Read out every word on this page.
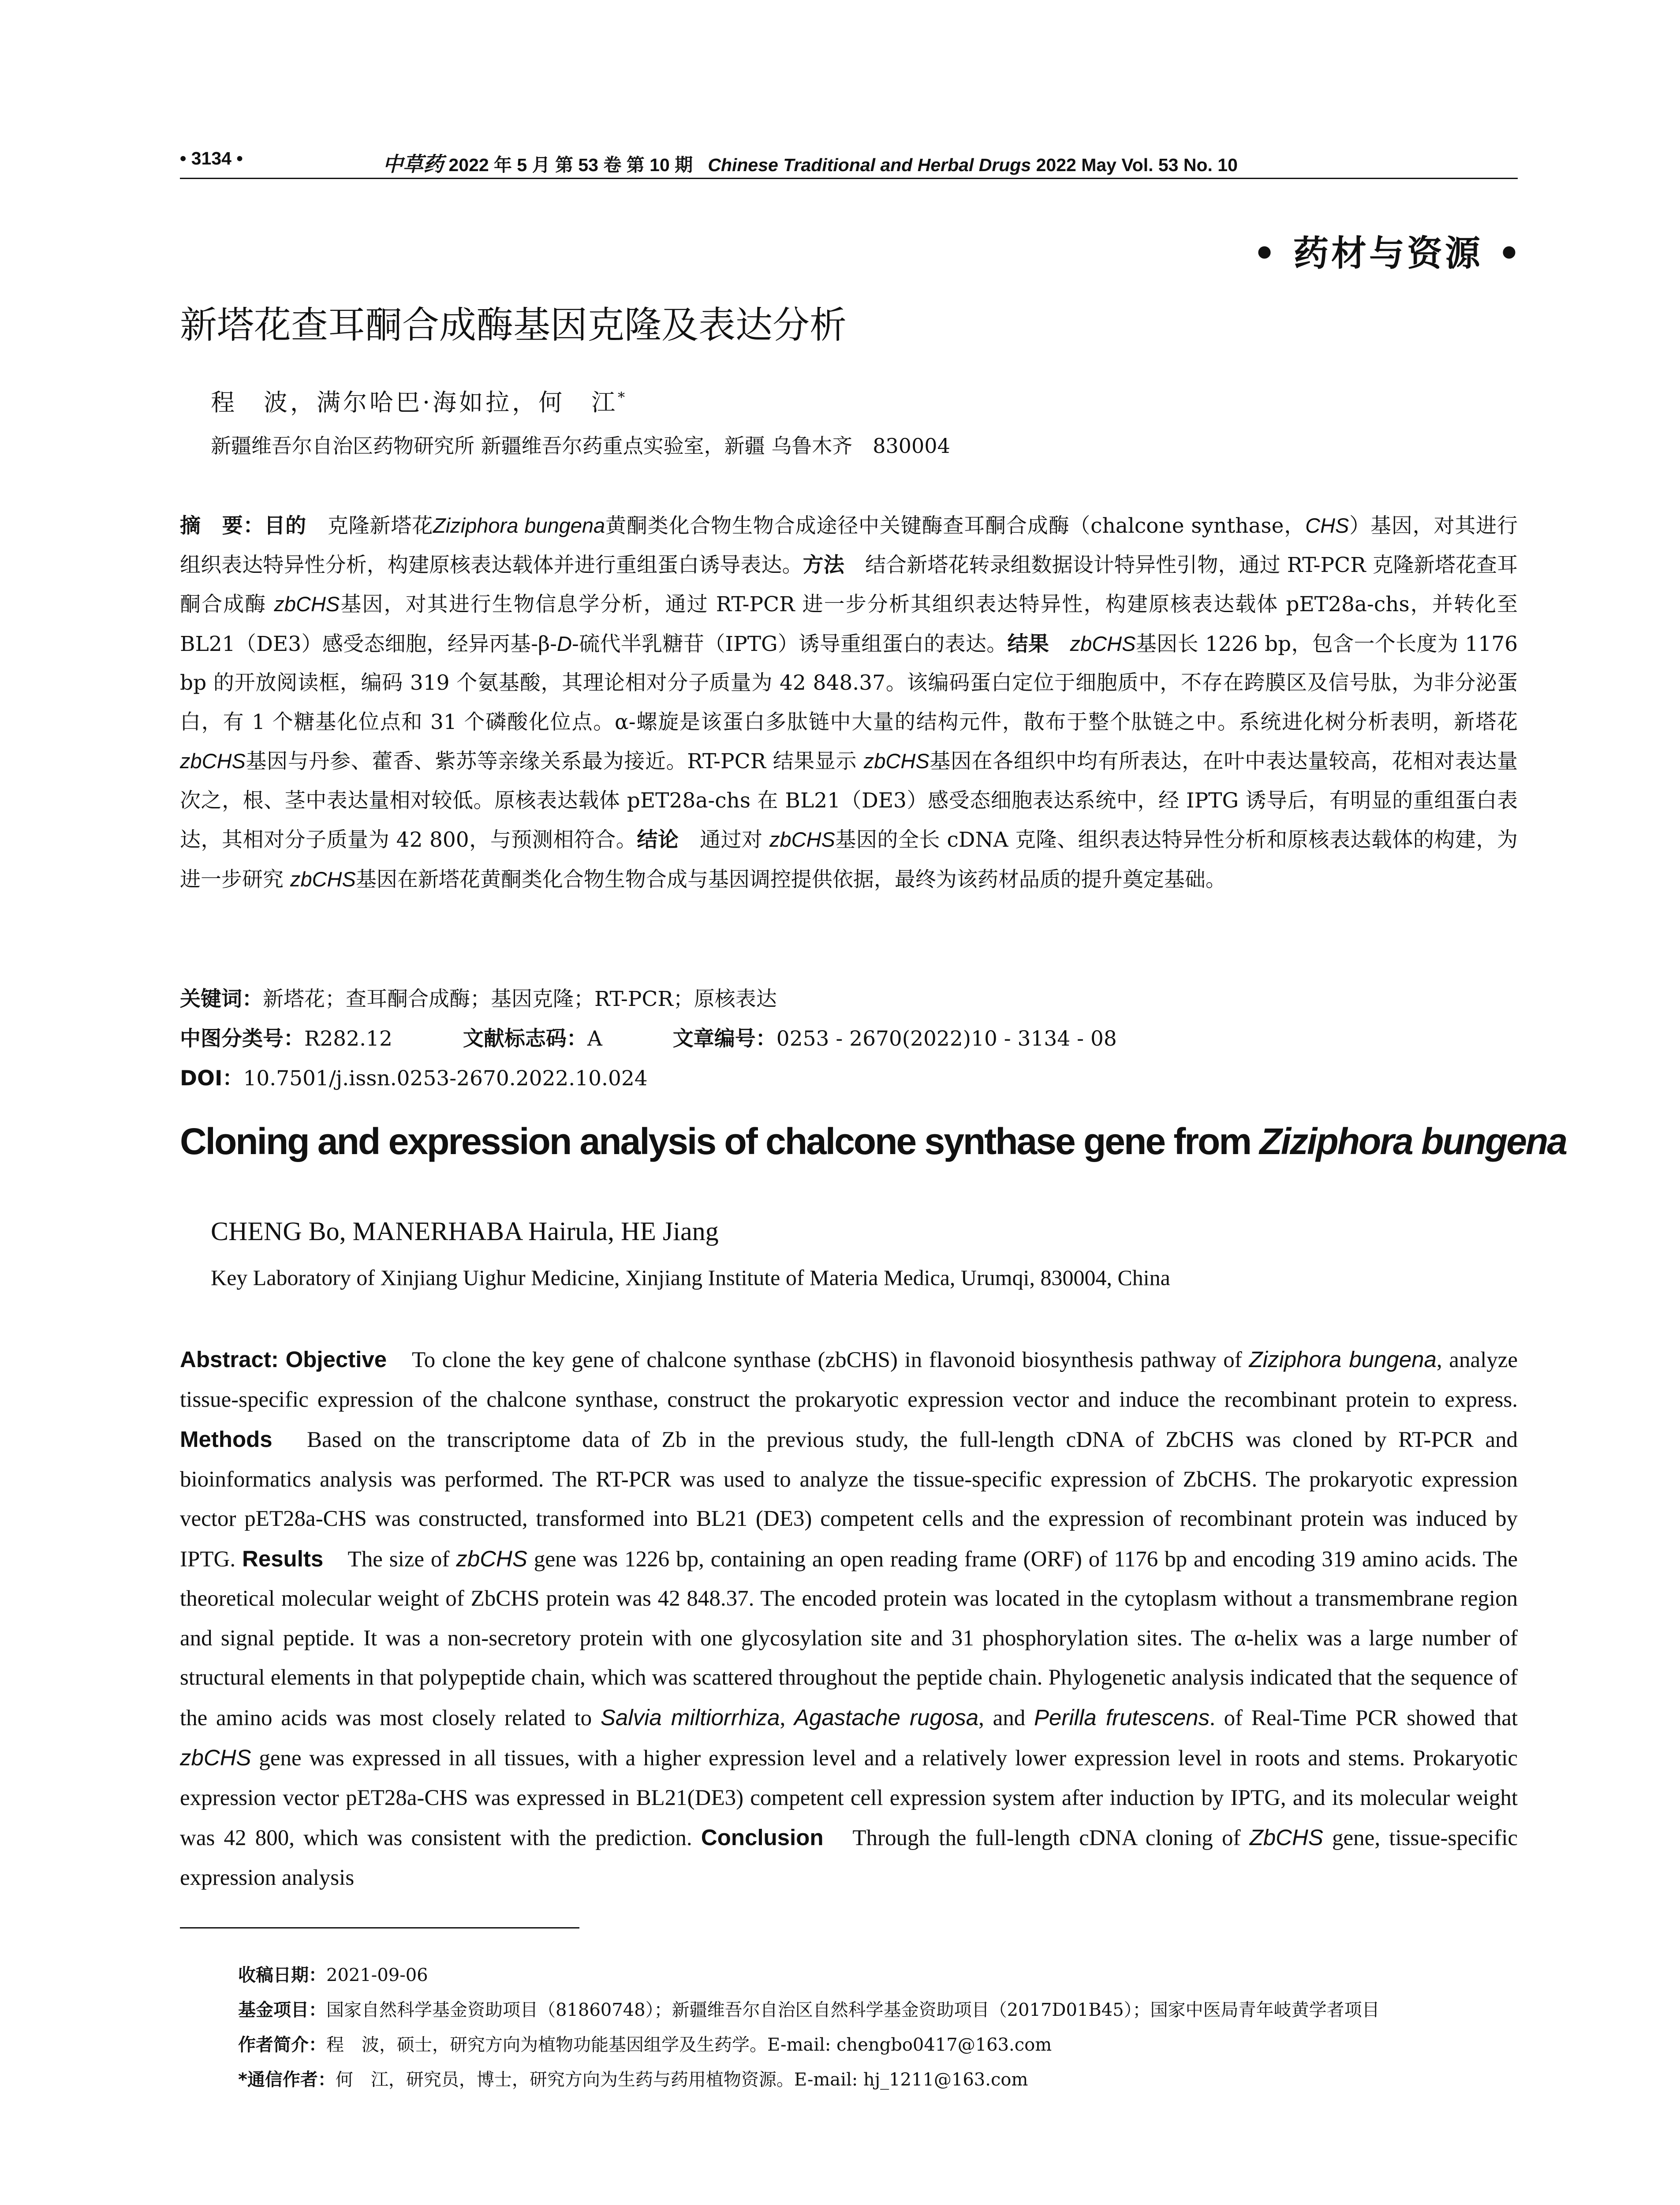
• 3134 •	中草药 2022 年 5 月 第 53 卷 第 10 期 Chinese Traditional and Herbal Drugs 2022 May Vol. 53 No. 10
• 药材与资源 •
新塔花查耳酮合成酶基因克隆及表达分析
程　波，满尔哈巴·海如拉，何　江*
新疆维吾尔自治区药物研究所 新疆维吾尔药重点实验室，新疆 乌鲁木齐　830004
摘　要：目的　克隆新塔花Ziziphora bungena黄酮类化合物生物合成途径中关键酶查耳酮合成酶（chalcone synthase，CHS）基因，对其进行组织表达特异性分析，构建原核表达载体并进行重组蛋白诱导表达。方法　结合新塔花转录组数据设计特异性引物，通过 RT-PCR 克隆新塔花查耳酮合成酶 zbCHS基因，对其进行生物信息学分析，通过 RT-PCR 进一步分析其组织表达特异性，构建原核表达载体 pET28a-chs，并转化至 BL21（DE3）感受态细胞，经异丙基-β-D-硫代半乳糖苷（IPTG）诱导重组蛋白的表达。结果　 zbCHS基因长 1226 bp，包含一个长度为 1176 bp 的开放阅读框，编码 319 个氨基酸，其理论相对分子质量为 42 848.37。该编码蛋白定位于细胞质中，不存在跨膜区及信号肽，为非分泌蛋白，有 1 个糖基化位点和 31 个磷酸化位点。α-螺旋是该蛋白多肽链中大量的结构元件，散布于整个肽链之中。系统进化树分析表明，新塔花 zbCHS基因与丹参、藿香、紫苏等亲缘关系最为接近。RT-PCR 结果显示 zbCHS基因在各组织中均有所表达，在叶中表达量较高，花相对表达量次之，根、茎中表达量相对较低。原核表达载体 pET28a-chs 在 BL21（DE3）感受态细胞表达系统中，经 IPTG 诱导后，有明显的重组蛋白表达，其相对分子质量为 42 800，与预测相符合。结论　通过对 zbCHS基因的全长 cDNA 克隆、组织表达特异性分析和原核表达载体的构建，为进一步研究 zbCHS基因在新塔花黄酮类化合物生物合成与基因调控提供依据，最终为该药材品质的提升奠定基础。
关键词：新塔花；查耳酮合成酶；基因克隆；RT-PCR；原核表达
中图分类号：R282.12	文献标志码：A	文章编号：0253 - 2670(2022)10 - 3134 - 08
DOI：10.7501/j.issn.0253-2670.2022.10.024
Cloning and expression analysis of chalcone synthase gene from Ziziphora bungena
CHENG Bo, MANERHABA Hairula, HE Jiang
Key Laboratory of Xinjiang Uighur Medicine, Xinjiang Institute of Materia Medica, Urumqi, 830004, China
Abstract: Objective　To clone the key gene of chalcone synthase (zbCHS) in flavonoid biosynthesis pathway of Ziziphora bungena, analyze tissue-specific expression of the chalcone synthase, construct the prokaryotic expression vector and induce the recombinant protein to express. Methods　Based on the transcriptome data of Zb in the previous study, the full-length cDNA of ZbCHS was cloned by RT-PCR and bioinformatics analysis was performed. The RT-PCR was used to analyze the tissue-specific expression of ZbCHS. The prokaryotic expression vector pET28a-CHS was constructed, transformed into BL21 (DE3) competent cells and the expression of recombinant protein was induced by IPTG. Results　The size of zbCHS gene was 1226 bp, containing an open reading frame (ORF) of 1176 bp and encoding 319 amino acids. The theoretical molecular weight of ZbCHS protein was 42 848.37. The encoded protein was located in the cytoplasm without a transmembrane region and signal peptide. It was a non-secretory protein with one glycosylation site and 31 phosphorylation sites. The α-helix was a large number of structural elements in that polypeptide chain, which was scattered throughout the peptide chain. Phylogenetic analysis indicated that the sequence of the amino acids was most closely related to Salvia miltiorrhiza, Agastache rugosa, and Perilla frutescens. of Real-Time PCR showed that zbCHS gene was expressed in all tissues, with a higher expression level and a relatively lower expression level in roots and stems. Prokaryotic expression vector pET28a-CHS was expressed in BL21(DE3) competent cell expression system after induction by IPTG, and its molecular weight was 42 800, which was consistent with the prediction. Conclusion　Through the full-length cDNA cloning of ZbCHS gene, tissue-specific expression analysis
收稿日期：2021-09-06
基金项目：国家自然科学基金资助项目（81860748）；新疆维吾尔自治区自然科学基金资助项目（2017D01B45）；国家中医局青年岐黄学者项目
作者简介：程　波，硕士，研究方向为植物功能基因组学及生药学。E-mail: chengbo0417@163.com
*通信作者：何　江，研究员，博士，研究方向为生药与药用植物资源。E-mail: hj_1211@163.com
